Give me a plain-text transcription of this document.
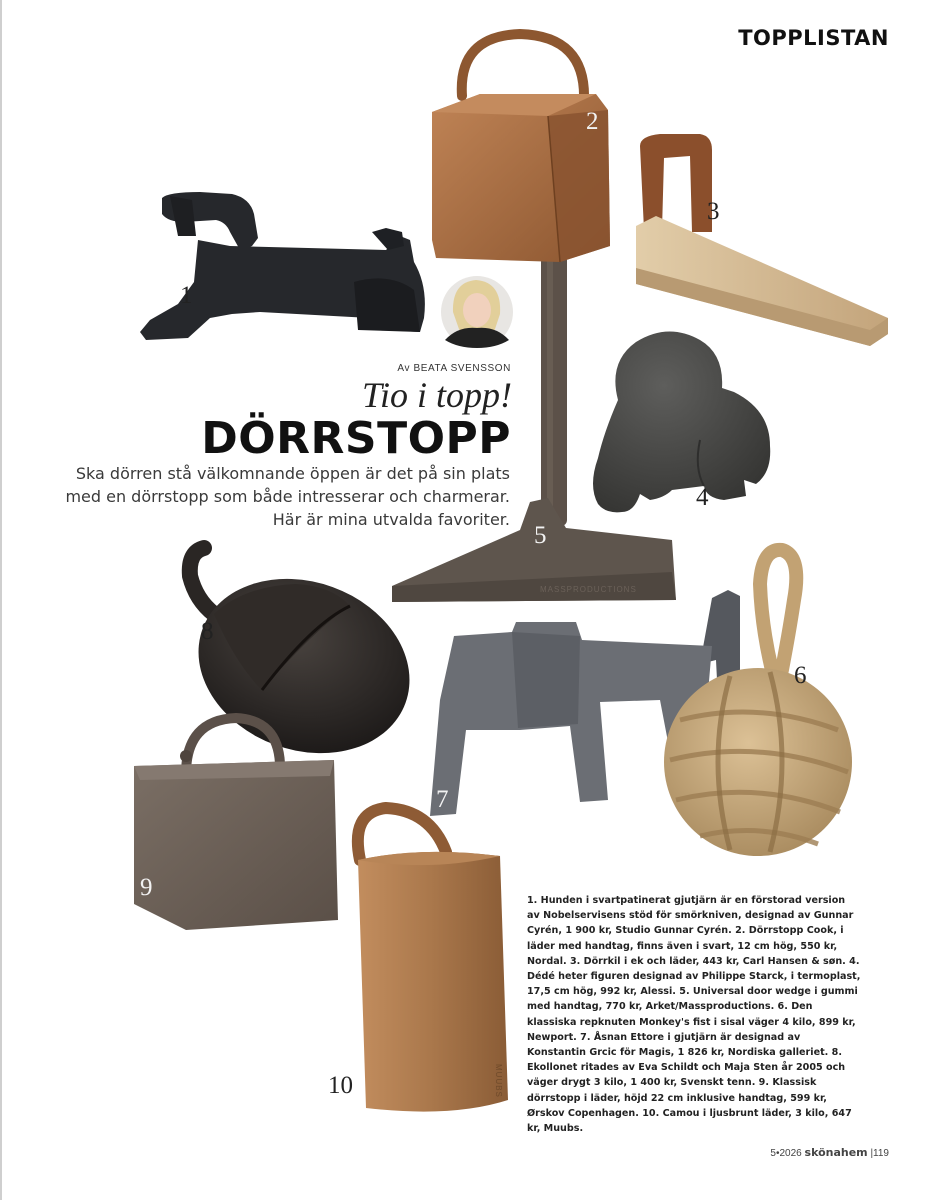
TOPPLISTAN
MASSPRODUCTIONS
MUUBS
1
2
3
4
5
6
7
8
9
10
Av BEATA SVENSSON
Tio i topp!
DÖRRSTOPP
Ska dörren stå välkomnande öppen är det på sin plats med en dörrstopp som både intresserar och charmerar. Här är mina utvalda favoriter.
1. Hunden i svartpatinerat gjutjärn är en förstorad version av Nobelservisens stöd för smörkniven, designad av Gunnar Cyrén, 1 900 kr, Studio Gunnar Cyrén. 2. Dörrstopp Cook, i läder med handtag, finns även i svart, 12 cm hög, 550 kr, Nordal. 3. Dörrkil i ek och läder, 443 kr, Carl Hansen & søn. 4. Dédé heter figuren designad av Philippe Starck, i termoplast, 17,5 cm hög, 992 kr, Alessi. 5. Universal door wedge i gummi med handtag, 770 kr, Arket/Massproductions. 6. Den klassiska repknuten Monkey's fist i sisal väger 4 kilo, 899 kr, Newport. 7. Åsnan Ettore i gjutjärn är designad av Konstantin Grcic för Magis, 1 826 kr, Nordiska galleriet. 8. Ekollonet ritades av Eva Schildt och Maja Sten år 2005 och väger drygt 3 kilo, 1 400 kr, Svenskt tenn. 9. Klassisk dörrstopp i läder, höjd 22 cm inklusive handtag, 599 kr, Ørskov Copenhagen. 10. Camou i ljusbrunt läder, 3 kilo, 647 kr, Muubs.
5•2026 skönahem |119
